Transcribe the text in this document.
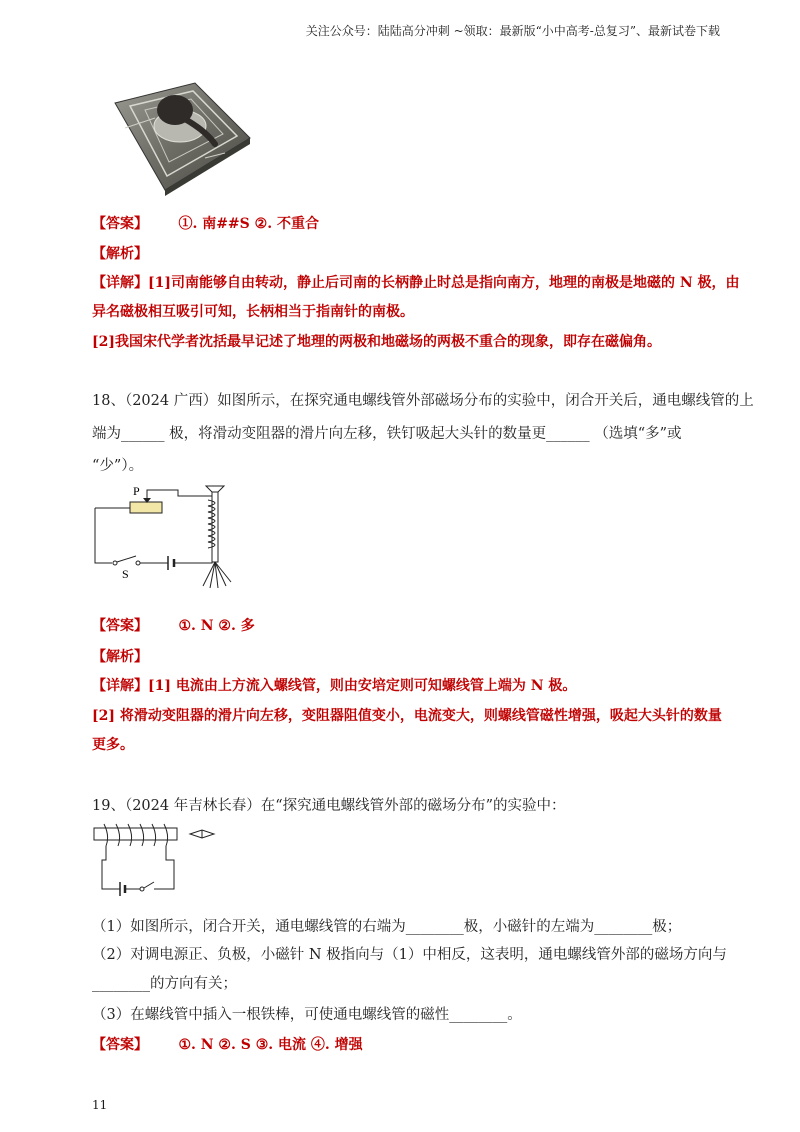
关注公众号：陆陆高分冲刺 ~领取：最新版“小中高考-总复习”、最新试卷下载
【答案】 ①. 南##S ②. 不重合
【解析】
【详解】[1]司南能够自由转动，静止后司南的长柄静止时总是指向南方，地理的南极是地磁的 N 极，由
异名磁极相互吸引可知，长柄相当于指南针的南极。
[2]我国宋代学者沈括最早记述了地理的两极和地磁场的两极不重合的现象，即存在磁偏角。
18、（2024 广西）如图所示，在探究通电螺线管外部磁场分布的实验中，闭合开关后，通电螺线管的上
端为______ 极，将滑动变阻器的滑片向左移，铁钉吸起大头针的数量更______ （选填“多”或
“少”）。
P
S
【答案】 ①. N ②. 多
【解析】
【详解】[1] 电流由上方流入螺线管，则由安培定则可知螺线管上端为 N 极。
[2] 将滑动变阻器的滑片向左移，变阻器阻值变小，电流变大，则螺线管磁性增强，吸起大头针的数量
更多。
19、（2024 年吉林长春）在“探究通电螺线管外部的磁场分布”的实验中：
（1）如图所示，闭合开关，通电螺线管的右端为________极，小磁针的左端为________极；
（2）对调电源正、负极，小磁针 N 极指向与（1）中相反，这表明，通电螺线管外部的磁场方向与
________的方向有关；
（3）在螺线管中插入一根铁棒，可使通电螺线管的磁性________。
【答案】 ①. N ②. S ③. 电流 ④. 增强
11
